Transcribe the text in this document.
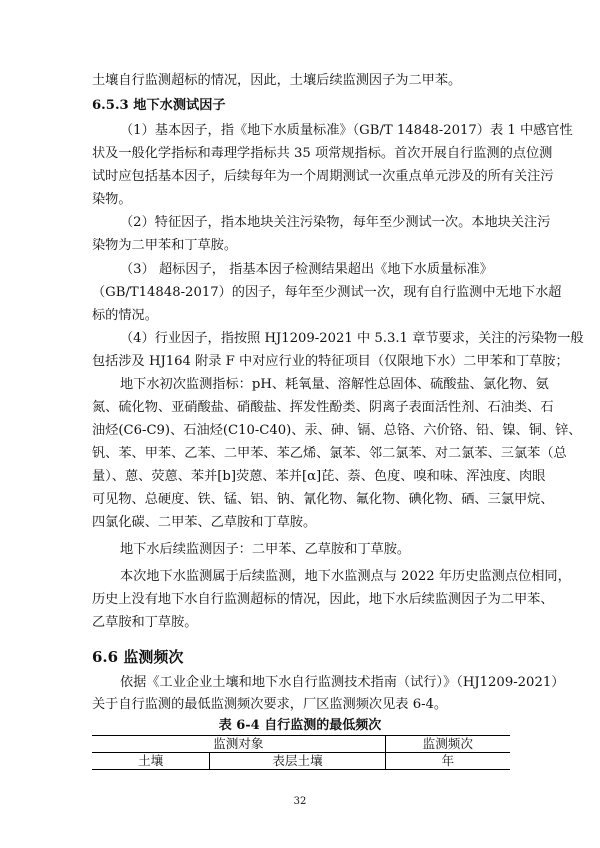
土壤自行监测超标的情况，因此，土壤后续监测因子为二甲苯。
6.5.3 地下水测试因子
（1）基本因子，指《地下水质量标准》（GB/T 14848-2017）表 1 中感官性
状及一般化学指标和毒理学指标共 35 项常规指标。首次开展自行监测的点位测
试时应包括基本因子，后续每年为一个周期测试一次重点单元涉及的所有关注污
染物。
（2）特征因子，指本地块关注污染物，每年至少测试一次。本地块关注污
染物为二甲苯和丁草胺。
（3） 超标因子， 指基本因子检测结果超出《地下水质量标准》
（GB/T14848-2017）的因子，每年至少测试一次，现有自行监测中无地下水超
标的情况。
（4）行业因子，指按照 HJ1209-2021 中 5.3.1 章节要求，关注的污染物一般
包括涉及 HJ164 附录 F 中对应行业的特征项目（仅限地下水）二甲苯和丁草胺；
地下水初次监测指标：pH、耗氧量、溶解性总固体、硫酸盐、氯化物、氨
氮、硫化物、亚硝酸盐、硝酸盐、挥发性酚类、阴离子表面活性剂、石油类、石
油烃(C6-C9)、石油烃(C10-C40)、汞、砷、镉、总铬、六价铬、铅、镍、铜、锌、
钒、苯、甲苯、乙苯、二甲苯、苯乙烯、氯苯、邻二氯苯、对二氯苯、三氯苯（总
量）、蒽、荧蒽、苯并[b]荧蒽、苯并[α]芘、萘、色度、嗅和味、浑浊度、肉眼
可见物、总硬度、铁、锰、铝、钠、氰化物、氟化物、碘化物、硒、三氯甲烷、
四氯化碳、二甲苯、乙草胺和丁草胺。
地下水后续监测因子：二甲苯、乙草胺和丁草胺。
本次地下水监测属于后续监测，地下水监测点与 2022 年历史监测点位相同，
历史上没有地下水自行监测超标的情况，因此，地下水后续监测因子为二甲苯、
乙草胺和丁草胺。
6.6 监测频次
依据《工业企业土壤和地下水自行监测技术指南（试行）》（HJ1209-2021）
关于自行监测的最低监测频次要求，厂区监测频次见表 6-4。
表 6-4 自行监测的最低频次
监测对象		监测频次
土壤	表层土壤	年
32
